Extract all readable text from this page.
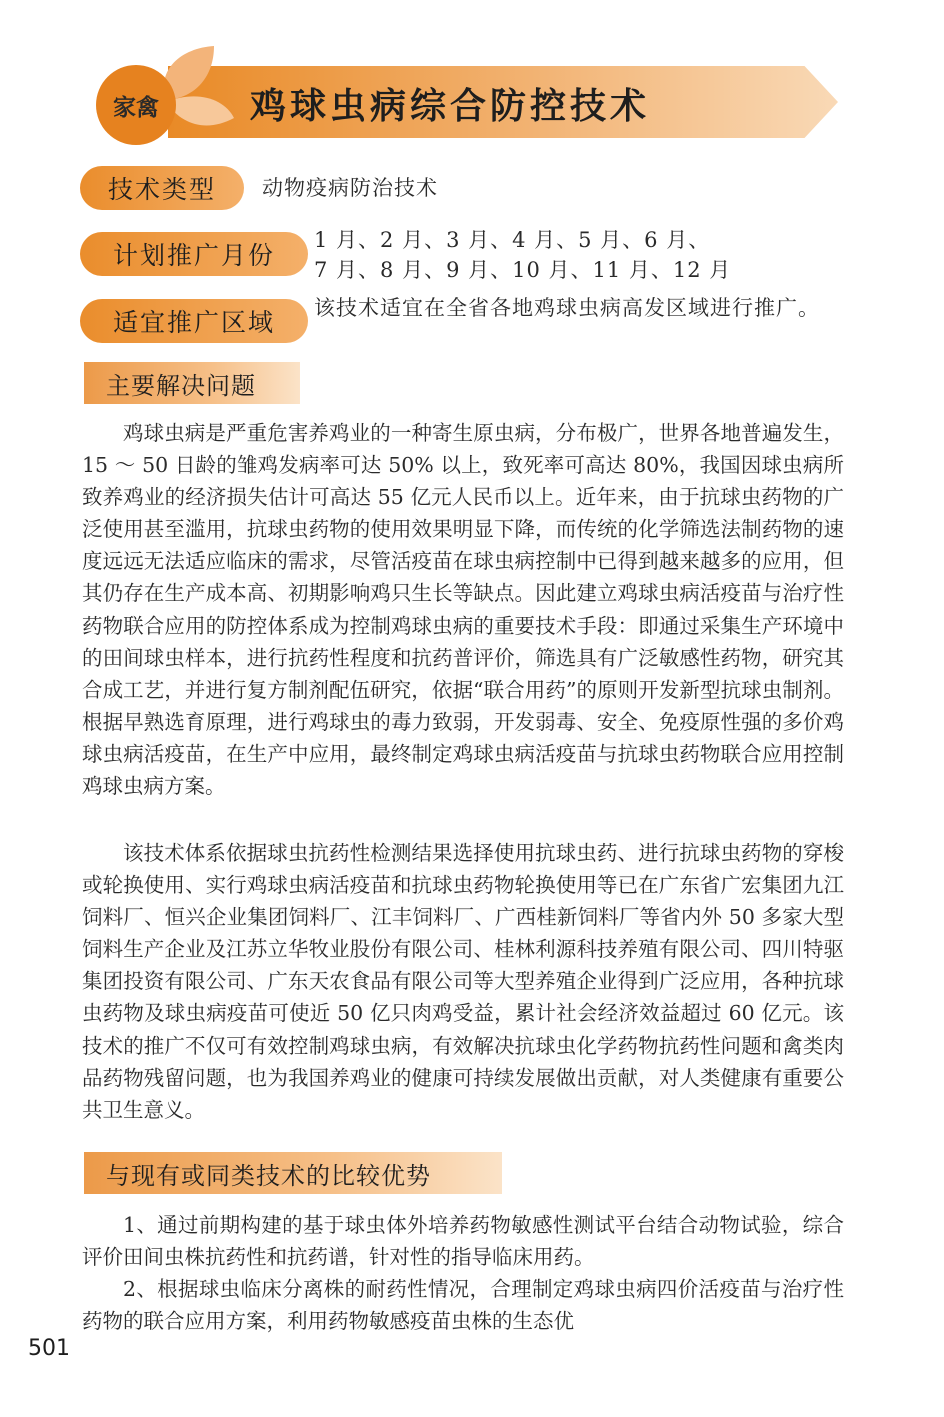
家禽	鸡球虫病综合防控技术
技术类型	动物疫病防治技术
计划推广月份
1 月、2 月、3 月、4 月、5 月、6 月、
7 月、8 月、9 月、10 月、11 月、12 月
适宜推广区域	该技术适宜在全省各地鸡球虫病高发区域进行推广。
主要解决问题

鸡球虫病是严重危害养鸡业的一种寄生原虫病，分布极广，世界各地普遍发生，15 ～ 50 日龄的雏鸡发病率可达 50% 以上，致死率可高达 80%，我国因球虫病所致养鸡业的经济损失估计可高达 55 亿元人民币以上。近年来，由于抗球虫药物的广泛使用甚至滥用，抗球虫药物的使用效果明显下降，而传统的化学筛选法制药物的速度远远无法适应临床的需求，尽管活疫苗在球虫病控制中已得到越来越多的应用，但其仍存在生产成本高、初期影响鸡只生长等缺点。因此建立鸡球虫病活疫苗与治疗性药物联合应用的防控体系成为控制鸡球虫病的重要技术手段：即通过采集生产环境中的田间球虫样本，进行抗药性程度和抗药普评价，筛选具有广泛敏感性药物，研究其合成工艺，并进行复方制剂配伍研究，依据“联合用药”的原则开发新型抗球虫制剂。根据早熟选育原理，进行鸡球虫的毒力致弱，开发弱毒、安全、免疫原性强的多价鸡球虫病活疫苗，在生产中应用，最终制定鸡球虫病活疫苗与抗球虫药物联合应用控制鸡球虫病方案。

该技术体系依据球虫抗药性检测结果选择使用抗球虫药、进行抗球虫药物的穿梭或轮换使用、实行鸡球虫病活疫苗和抗球虫药物轮换使用等已在广东省广宏集团九江饲料厂、恒兴企业集团饲料厂、江丰饲料厂、广西桂新饲料厂等省内外 50 多家大型饲料生产企业及江苏立华牧业股份有限公司、桂林利源科技养殖有限公司、四川特驱集团投资有限公司、广东天农食品有限公司等大型养殖企业得到广泛应用，各种抗球虫药物及球虫病疫苗可使近 50 亿只肉鸡受益，累计社会经济效益超过 60 亿元。该技术的推广不仅可有效控制鸡球虫病，有效解决抗球虫化学药物抗药性问题和禽类肉品药物残留问题，也为我国养鸡业的健康可持续发展做出贡献，对人类健康有重要公共卫生意义。

与现有或同类技术的比较优势

1、通过前期构建的基于球虫体外培养药物敏感性测试平台结合动物试验，综合评价田间虫株抗药性和抗药谱，针对性的指导临床用药。

2、根据球虫临床分离株的耐药性情况，合理制定鸡球虫病四价活疫苗与治疗性药物的联合应用方案，利用药物敏感疫苗虫株的生态优

501
